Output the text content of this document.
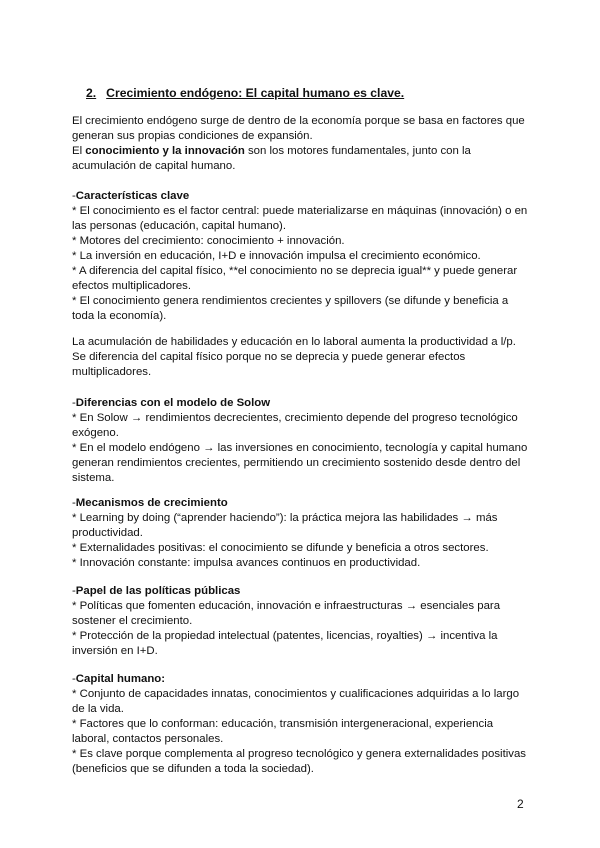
2. Crecimiento endógeno: El capital humano es clave.

El crecimiento endógeno surge de dentro de la economía porque se basa en factores que generan sus propias condiciones de expansión.

El conocimiento y la innovación son los motores fundamentales, junto con la acumulación de capital humano.

-Características clave

* El conocimiento es el factor central: puede materializarse en máquinas (innovación) o en las personas (educación, capital humano).

* Motores del crecimiento: conocimiento + innovación.

* La inversión en educación, I+D e innovación impulsa el crecimiento económico.

* A diferencia del capital físico, **el conocimiento no se deprecia igual** y puede generar efectos multiplicadores.

* El conocimiento genera rendimientos crecientes y spillovers (se difunde y beneficia a toda la economía).

La acumulación de habilidades y educación en lo laboral aumenta la productividad a l/p.

Se diferencia del capital físico porque no se deprecia y puede generar efectos multiplicadores.

-Diferencias con el modelo de Solow

* En Solow → rendimientos decrecientes, crecimiento depende del progreso tecnológico exógeno.

* En el modelo endógeno → las inversiones en conocimiento, tecnología y capital humano generan rendimientos crecientes, permitiendo un crecimiento sostenido desde dentro del sistema.

-Mecanismos de crecimiento

* Learning by doing (“aprender haciendo”): la práctica mejora las habilidades → más productividad.

* Externalidades positivas: el conocimiento se difunde y beneficia a otros sectores.

* Innovación constante: impulsa avances continuos en productividad.

-Papel de las políticas públicas

* Políticas que fomenten educación, innovación e infraestructuras → esenciales para sostener el crecimiento.

* Protección de la propiedad intelectual (patentes, licencias, royalties) → incentiva la inversión en I+D.

-Capital humano:

* Conjunto de capacidades innatas, conocimientos y cualificaciones adquiridas a lo largo de la vida.

* Factores que lo conforman: educación, transmisión intergeneracional, experiencia laboral, contactos personales.

* Es clave porque complementa al progreso tecnológico y genera externalidades positivas (beneficios que se difunden a toda la sociedad).

2
